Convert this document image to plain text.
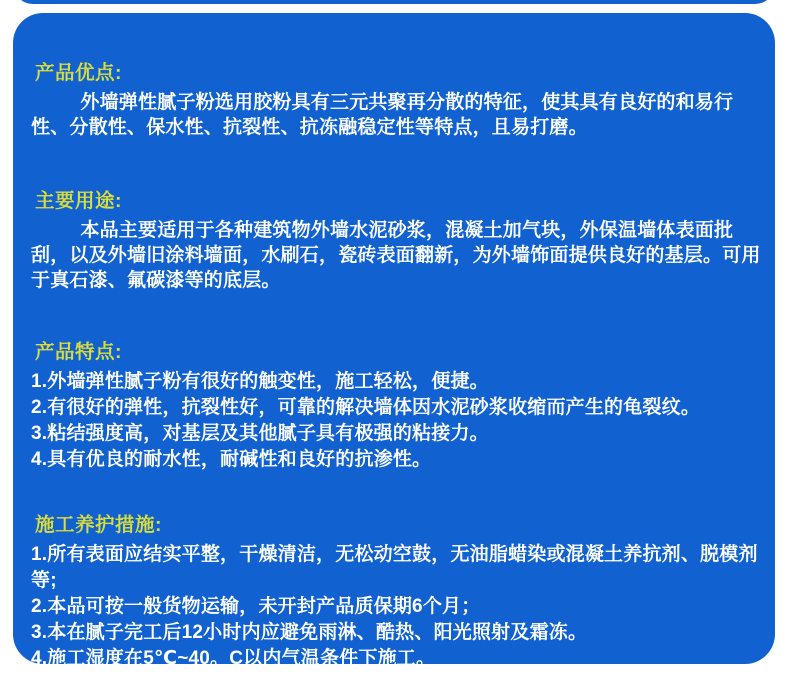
产品优点:

外墙弹性腻子粉选用胶粉具有三元共聚再分散的特征，使其具有良好的和易行性、分散性、保水性、抗裂性、抗冻融稳定性等特点，且易打磨。

主要用途:

本品主要适用于各种建筑物外墙水泥砂浆，混凝土加气块，外保温墙体表面批刮，以及外墙旧涂料墙面，水刷石，瓷砖表面翻新，为外墙饰面提供良好的基层。可用于真石漆、氟碳漆等的底层。

产品特点:
1.外墙弹性腻子粉有很好的触变性，施工轻松，便捷。
2.有很好的弹性，抗裂性好，可靠的解决墙体因水泥砂浆收缩而产生的龟裂纹。
3.粘结强度高，对基层及其他腻子具有极强的粘接力。
4.具有优良的耐水性，耐碱性和良好的抗渗性。
施工养护措施:
1.所有表面应结实平整，干燥清洁，无松动空鼓，无油脂蜡染或混凝土养抗剂、脱模剂等;
2.本品可按一般货物运输，未开封产品质保期6个月；
3.本在腻子完工后12小时内应避免雨淋、酷热、阳光照射及霜冻。
4.施工湿度在5℃~40。C以内气温条件下施工。
